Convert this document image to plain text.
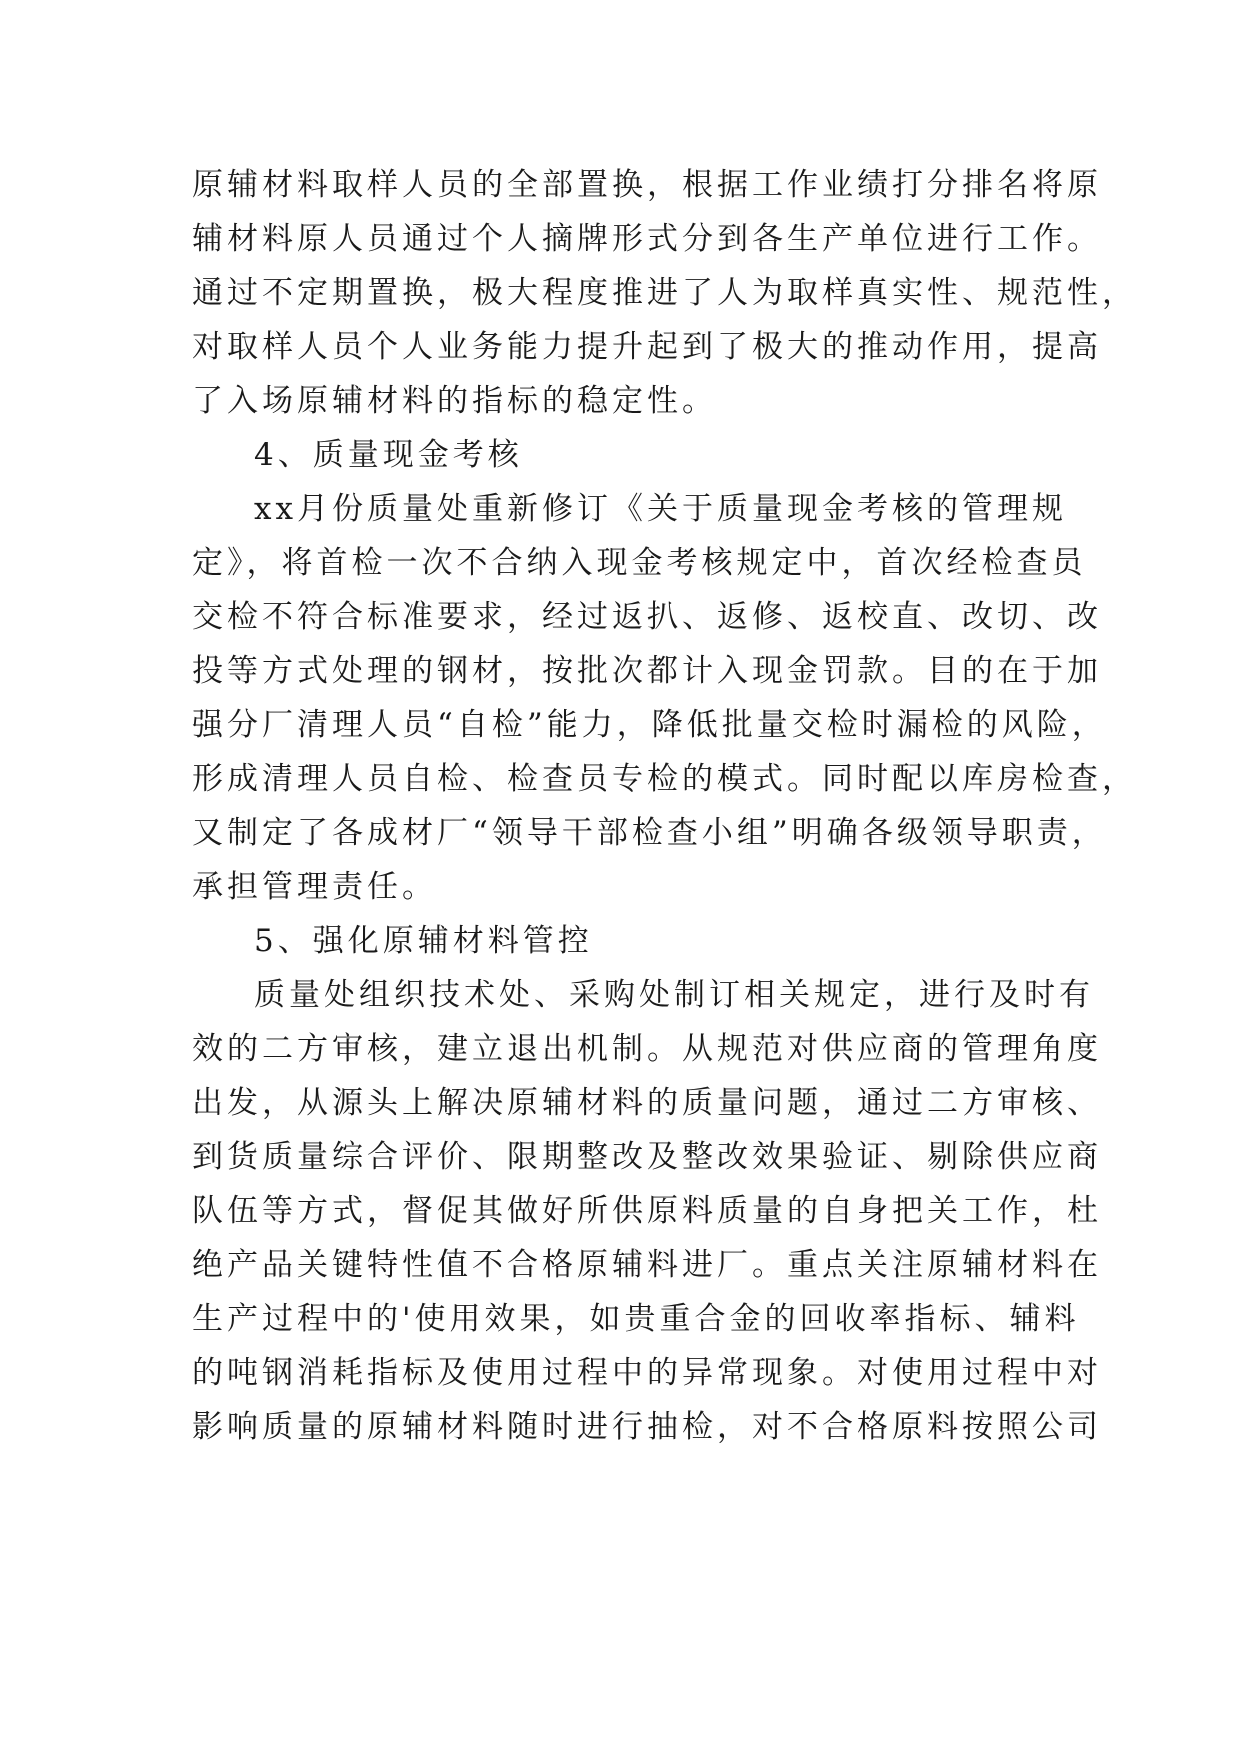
原辅材料取样人员的全部置换，根据工作业绩打分排名将原
辅材料原人员通过个人摘牌形式分到各生产单位进行工作。
通过不定期置换，极大程度推进了人为取样真实性、规范性，
对取样人员个人业务能力提升起到了极大的推动作用，提高
了入场原辅材料的指标的稳定性。
4、质量现金考核
xx月份质量处重新修订《关于质量现金考核的管理规
定》，将首检一次不合纳入现金考核规定中，首次经检查员
交检不符合标准要求，经过返扒、返修、返校直、改切、改
投等方式处理的钢材，按批次都计入现金罚款。目的在于加
强分厂清理人员“自检”能力，降低批量交检时漏检的风险，
形成清理人员自检、检查员专检的模式。同时配以库房检查，
又制定了各成材厂“领导干部检查小组”明确各级领导职责，
承担管理责任。
5、强化原辅材料管控
质量处组织技术处、采购处制订相关规定，进行及时有
效的二方审核，建立退出机制。从规范对供应商的管理角度
出发，从源头上解决原辅材料的质量问题，通过二方审核、
到货质量综合评价、限期整改及整改效果验证、剔除供应商
队伍等方式，督促其做好所供原料质量的自身把关工作，杜
绝产品关键特性值不合格原辅料进厂。重点关注原辅材料在
生产过程中的'使用效果，如贵重合金的回收率指标、辅料
的吨钢消耗指标及使用过程中的异常现象。对使用过程中对
影响质量的原辅材料随时进行抽检，对不合格原料按照公司
